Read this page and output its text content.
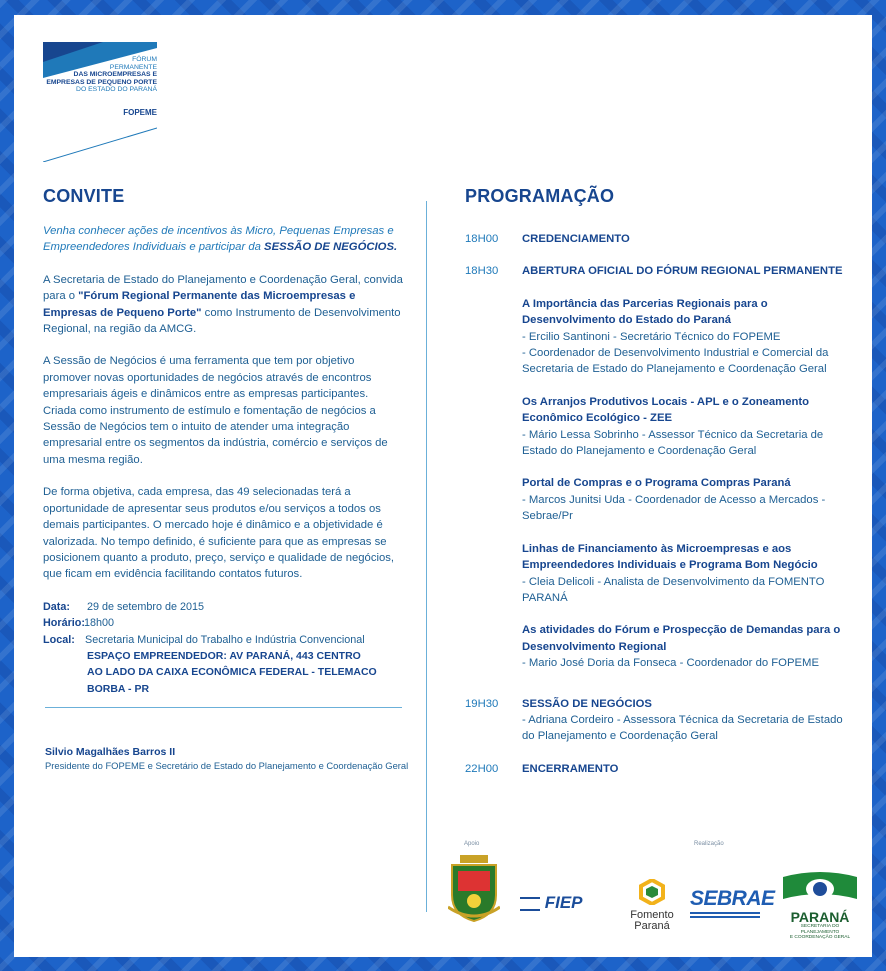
FÓRUM
PERMANENTE
DAS MICROEMPRESAS E
EMPRESAS DE PEQUENO PORTE
DO ESTADO DO PARANÁ
FOPEME
CONVITE	PROGRAMAÇÃO

Venha conhecer ações de incentivos às Micro, Pequenas Empresas e Empreendedores Individuais e participar da SESSÃO DE NEGÓCIOS.

A Secretaria de Estado do Planejamento e Coordenação Geral, convida para o "Fórum Regional Permanente das Microempresas e Empresas de Pequeno Porte" como Instrumento de Desenvolvimento Regional, na região da AMCG.

A Sessão de Negócios é uma ferramenta que tem por objetivo promover novas oportunidades de negócios através de encontros empresariais ágeis e dinâmicos entre as empresas participantes. Criada como instrumento de estímulo e fomentação de negócios a Sessão de Negócios tem o intuito de atender uma integração empresarial entre os segmentos da indústria, comércio e serviços de uma mesma região.

De forma objetiva, cada empresa, das 49 selecionadas terá a oportunidade de apresentar seus produtos e/ou serviços a todos os demais participantes. O mercado hoje é dinâmico e a objetividade é valorizada. No tempo definido, é suficiente para que as empresas se posicionem quanto a produto, preço, serviço e qualidade de negócios, que ficam em evidência facilitando contatos futuros.

Data:	29 de setembro de 2015
Horário: 18h00
Local: Secretaria Municipal do Trabalho e Indústria Convencional
ESPAÇO EMPREENDEDOR: AV PARANÁ, 443 CENTRO
AO LADO DA CAIXA ECONÔMICA FEDERAL - TELEMACO BORBA - PR
Silvio Magalhães Barros II
Presidente do FOPEME e Secretário de Estado do Planejamento e Coordenação Geral
18H00	CREDENCIAMENTO
18H30	ABERTURA OFICIAL DO FÓRUM REGIONAL PERMANENTE
A Importância das Parcerias Regionais para o Desenvolvimento do Estado do Paraná
- Ercilio Santinoni - Secretário Técnico do FOPEME
- Coordenador de Desenvolvimento Industrial e Comercial da Secretaria de Estado do Planejamento e Coordenação Geral
Os Arranjos Produtivos Locais - APL e o Zoneamento Econômico Ecológico - ZEE
- Mário Lessa Sobrinho - Assessor Técnico da Secretaria de Estado do Planejamento e Coordenação Geral
Portal de Compras e o Programa Compras Paraná
- Marcos Junitsi Uda - Coordenador de Acesso a Mercados - Sebrae/Pr
Linhas de Financiamento às Microempresas e aos Empreendedores Individuais e Programa Bom Negócio
- Cleia Delicoli - Analista de Desenvolvimento da FOMENTO PARANÁ
As atividades do Fórum e Prospecção de Demandas para o Desenvolvimento Regional
- Mario José Doria da Fonseca - Coordenador do FOPEME
19H30	SESSÃO DE NEGÓCIOS
- Adriana Cordeiro - Assessora Técnica da Secretaria de Estado do Planejamento e Coordenação Geral
22H00	ENCERRAMENTO
Apoio	Realização
FIEP
Fomento
Paraná
SEBRAE
PARANÁ
SECRETARIA DO PLANEJAMENTO
E COORDENAÇÃO GERAL
